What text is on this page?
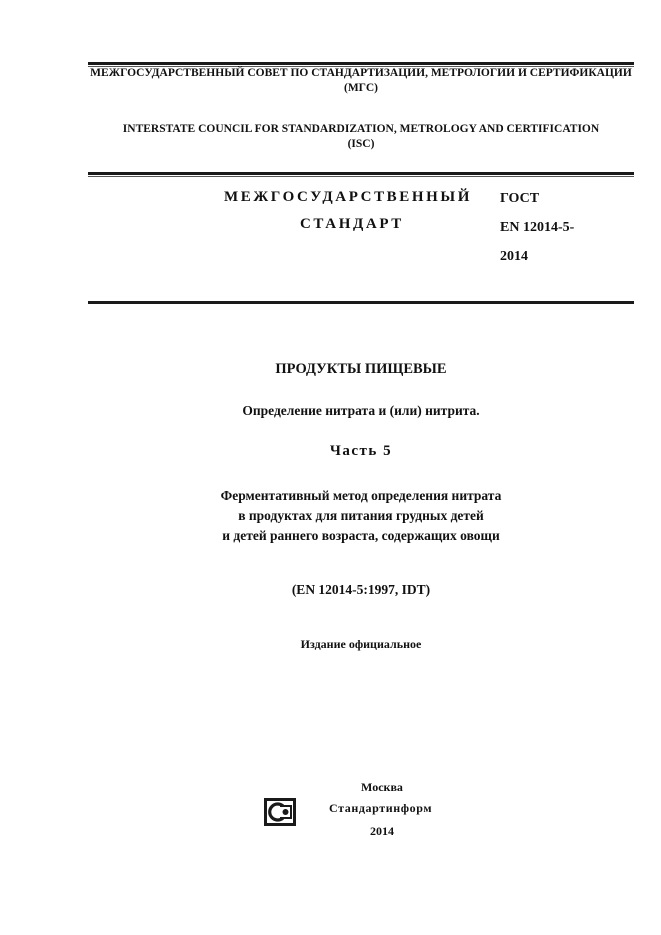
МЕЖГОСУДАРСТВЕННЫЙ СОВЕТ ПО СТАНДАРТИЗАЦИИ, МЕТРОЛОГИИ И СЕРТИФИКАЦИИ
(МГС)
INTERSTATE COUNCIL FOR STANDARDIZATION, METROLOGY AND CERTIFICATION
(ISC)
МЕЖГОСУДАРСТВЕННЫЙ
СТАНДАРТ
ГОСТ
EN 12014-5-
2014
ПРОДУКТЫ ПИЩЕВЫЕ
Определение нитрата и (или) нитрита.
Часть 5
Ферментативный метод определения нитрата
в продуктах для питания грудных детей
и детей раннего возраста, содержащих овощи
(EN 12014-5:1997, IDT)
Издание официальное
Москва
Стандартинформ
2014
